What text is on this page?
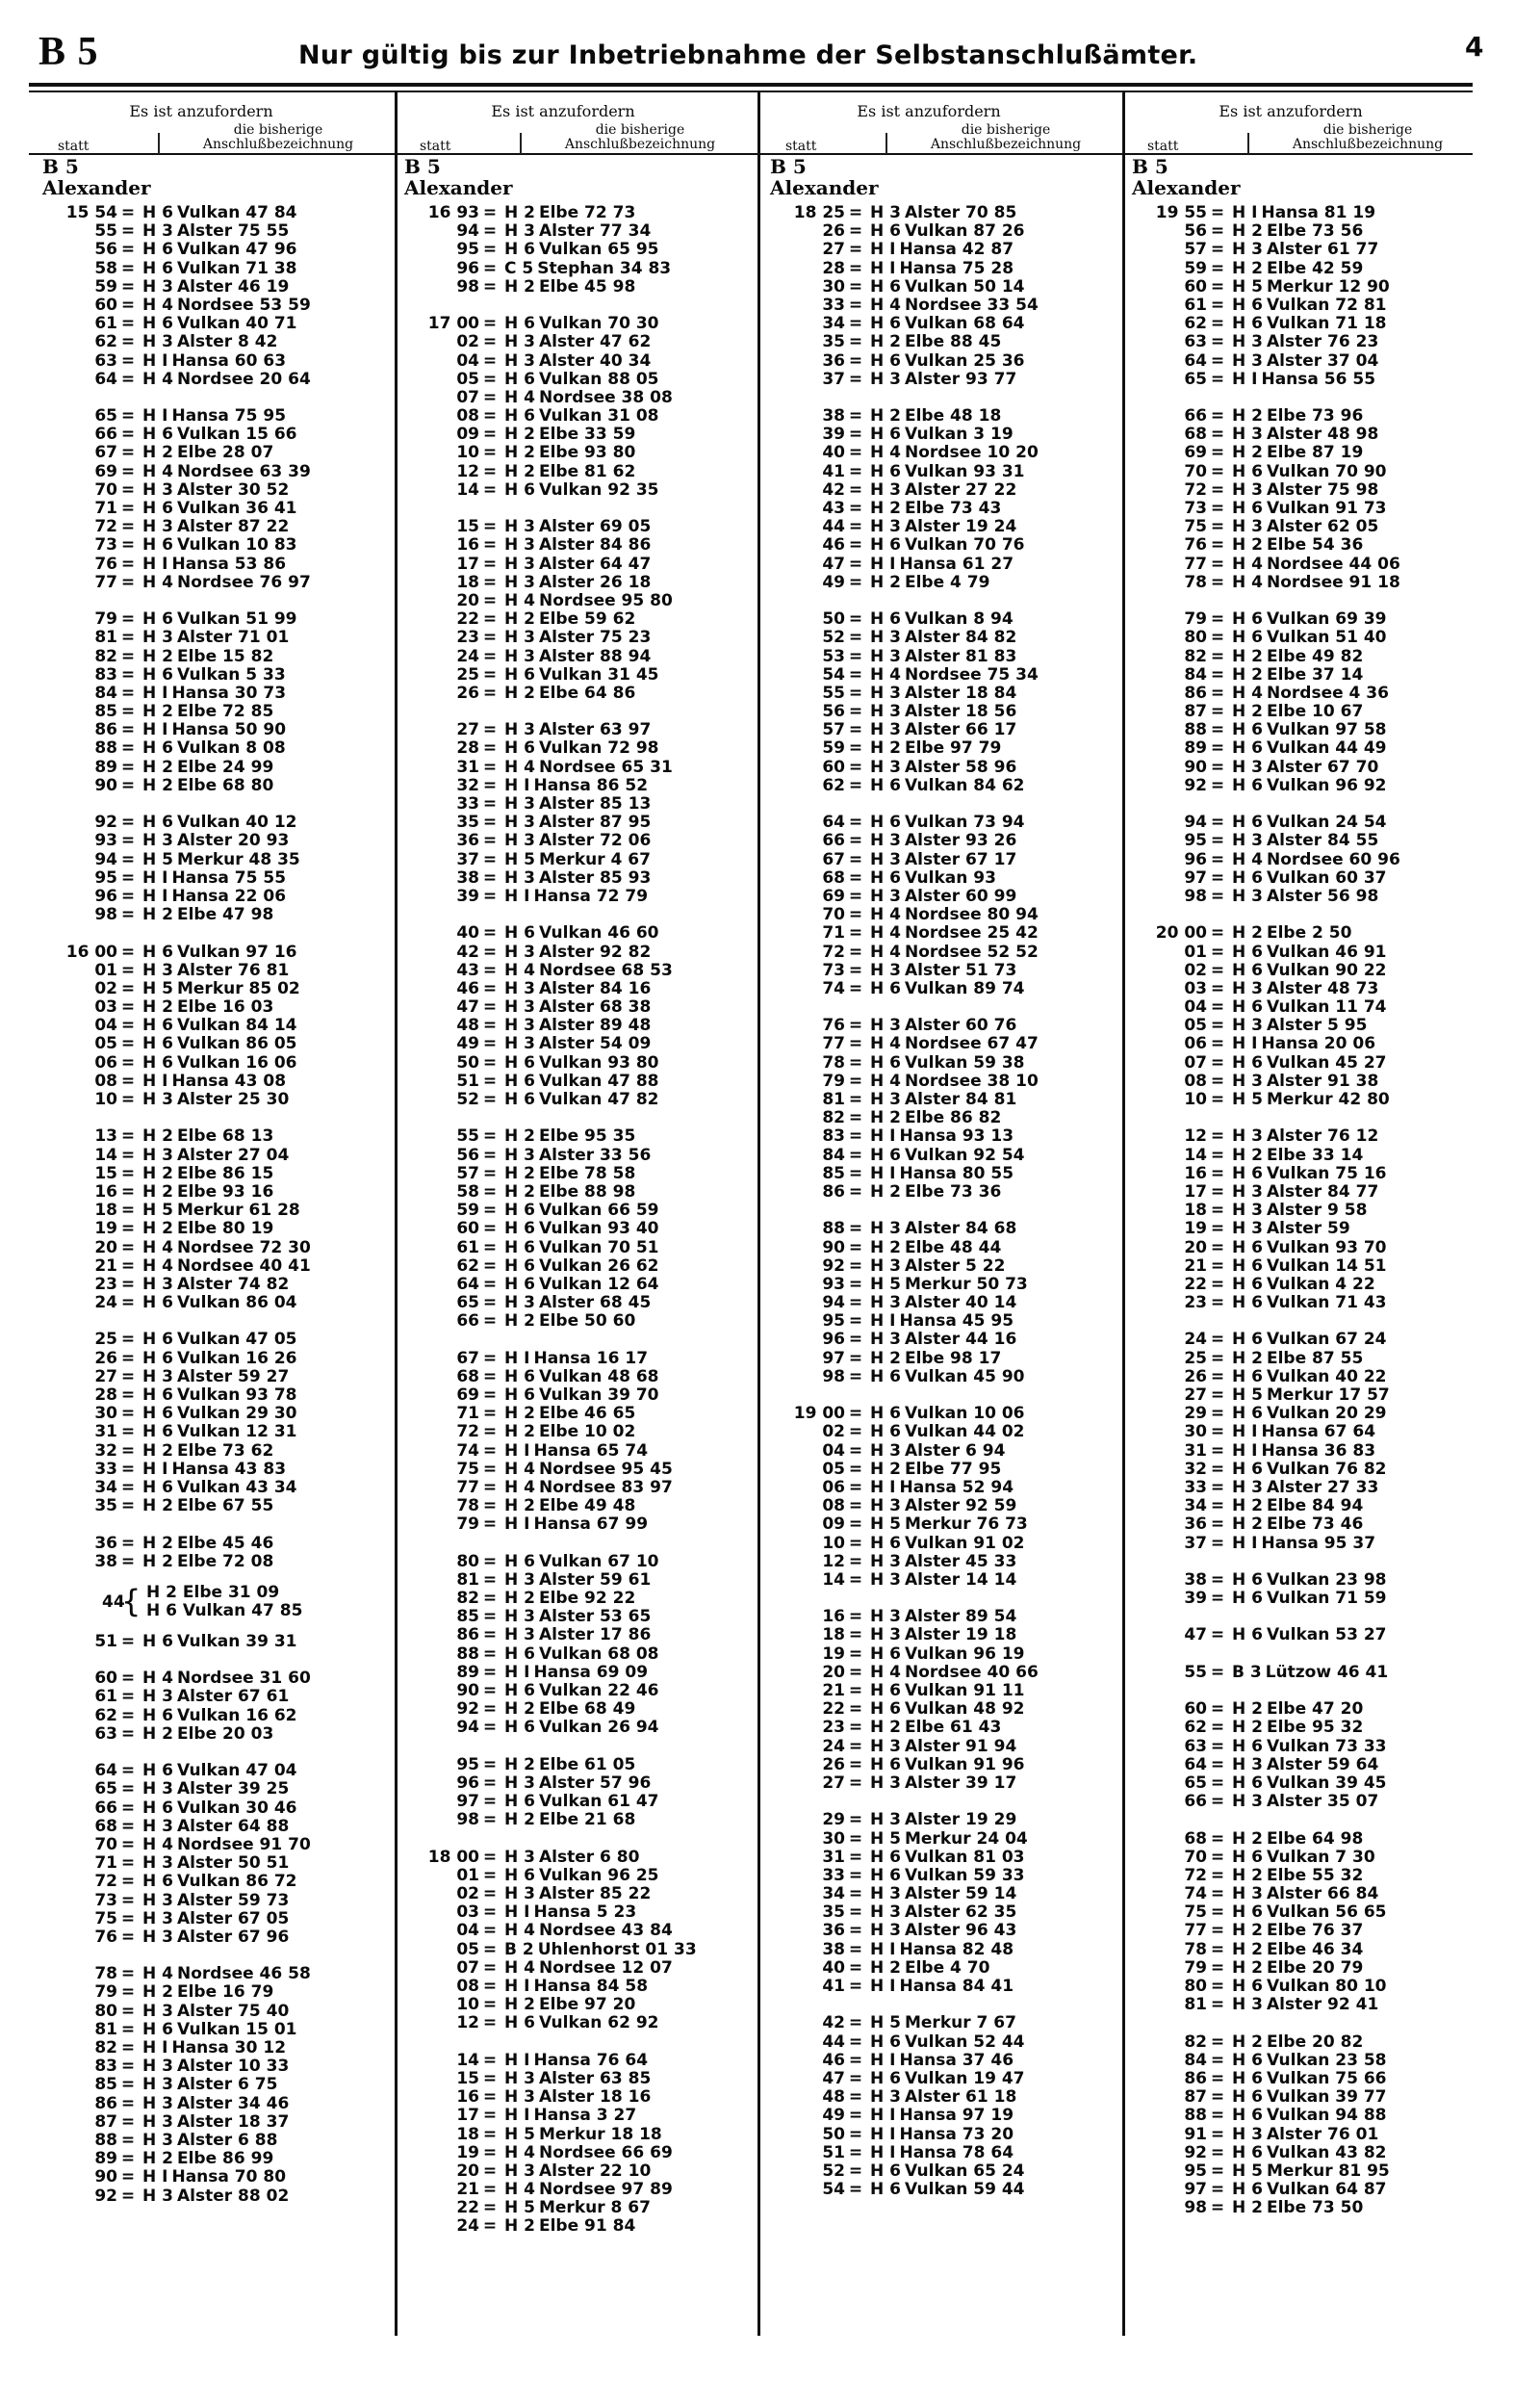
B 5	Nur gültig bis zur Inbetriebnahme der Selbstanschlußämter.	4
Es ist anzufordern
statt
die bisherige
Anschlußbezeichnung
B 5
Alexander
15 54 = H 6 Vulkan 47 84
55 = H 3 Alster 75 55
56 = H 6 Vulkan 47 96
58 = H 6 Vulkan 71 38
59 = H 3 Alster 46 19
60 = H 4 Nordsee 53 59
61 = H 6 Vulkan 40 71
62 = H 3 Alster 8 42
63 = H I Hansa 60 63
64 = H 4 Nordsee 20 64
65 = H I Hansa 75 95
66 = H 6 Vulkan 15 66
67 = H 2 Elbe 28 07
69 = H 4 Nordsee 63 39
70 = H 3 Alster 30 52
71 = H 6 Vulkan 36 41
72 = H 3 Alster 87 22
73 = H 6 Vulkan 10 83
76 = H I Hansa 53 86
77 = H 4 Nordsee 76 97
79 = H 6 Vulkan 51 99
81 = H 3 Alster 71 01
82 = H 2 Elbe 15 82
83 = H 6 Vulkan 5 33
84 = H I Hansa 30 73
85 = H 2 Elbe 72 85
86 = H I Hansa 50 90
88 = H 6 Vulkan 8 08
89 = H 2 Elbe 24 99
90 = H 2 Elbe 68 80
92 = H 6 Vulkan 40 12
93 = H 3 Alster 20 93
94 = H 5 Merkur 48 35
95 = H I Hansa 75 55
96 = H I Hansa 22 06
98 = H 2 Elbe 47 98
16 00 = H 6 Vulkan 97 16
01 = H 3 Alster 76 81
02 = H 5 Merkur 85 02
03 = H 2 Elbe 16 03
04 = H 6 Vulkan 84 14
05 = H 6 Vulkan 86 05
06 = H 6 Vulkan 16 06
08 = H I Hansa 43 08
10 = H 3 Alster 25 30
13 = H 2 Elbe 68 13
14 = H 3 Alster 27 04
15 = H 2 Elbe 86 15
16 = H 2 Elbe 93 16
18 = H 5 Merkur 61 28
19 = H 2 Elbe 80 19
20 = H 4 Nordsee 72 30
21 = H 4 Nordsee 40 41
23 = H 3 Alster 74 82
24 = H 6 Vulkan 86 04
25 = H 6 Vulkan 47 05
26 = H 6 Vulkan 16 26
27 = H 3 Alster 59 27
28 = H 6 Vulkan 93 78
30 = H 6 Vulkan 29 30
31 = H 6 Vulkan 12 31
32 = H 2 Elbe 73 62
33 = H I Hansa 43 83
34 = H 6 Vulkan 43 34
35 = H 2 Elbe 67 55
36 = H 2 Elbe 45 46
38 = H 2 Elbe 72 08
44
{ H 2 Elbe 31 09
H 6 Vulkan 47 85
51 = H 6 Vulkan 39 31
60 = H 4 Nordsee 31 60
61 = H 3 Alster 67 61
62 = H 6 Vulkan 16 62
63 = H 2 Elbe 20 03
64 = H 6 Vulkan 47 04
65 = H 3 Alster 39 25
66 = H 6 Vulkan 30 46
68 = H 3 Alster 64 88
70 = H 4 Nordsee 91 70
71 = H 3 Alster 50 51
72 = H 6 Vulkan 86 72
73 = H 3 Alster 59 73
75 = H 3 Alster 67 05
76 = H 3 Alster 67 96
78 = H 4 Nordsee 46 58
79 = H 2 Elbe 16 79
80 = H 3 Alster 75 40
81 = H 6 Vulkan 15 01
82 = H I Hansa 30 12
83 = H 3 Alster 10 33
85 = H 3 Alster 6 75
86 = H 3 Alster 34 46
87 = H 3 Alster 18 37
88 = H 3 Alster 6 88
89 = H 2 Elbe 86 99
90 = H I Hansa 70 80
92 = H 3 Alster 88 02
Es ist anzufordern
statt
die bisherige
Anschlußbezeichnung
B 5
Alexander
16 93 = H 2 Elbe 72 73
94 = H 3 Alster 77 34
95 = H 6 Vulkan 65 95
96 = C 5 Stephan 34 83
98 = H 2 Elbe 45 98
17 00 = H 6 Vulkan 70 30
02 = H 3 Alster 47 62
04 = H 3 Alster 40 34
05 = H 6 Vulkan 88 05
07 = H 4 Nordsee 38 08
08 = H 6 Vulkan 31 08
09 = H 2 Elbe 33 59
10 = H 2 Elbe 93 80
12 = H 2 Elbe 81 62
14 = H 6 Vulkan 92 35
15 = H 3 Alster 69 05
16 = H 3 Alster 84 86
17 = H 3 Alster 64 47
18 = H 3 Alster 26 18
20 = H 4 Nordsee 95 80
22 = H 2 Elbe 59 62
23 = H 3 Alster 75 23
24 = H 3 Alster 88 94
25 = H 6 Vulkan 31 45
26 = H 2 Elbe 64 86
27 = H 3 Alster 63 97
28 = H 6 Vulkan 72 98
31 = H 4 Nordsee 65 31
32 = H I Hansa 86 52
33 = H 3 Alster 85 13
35 = H 3 Alster 87 95
36 = H 3 Alster 72 06
37 = H 5 Merkur 4 67
38 = H 3 Alster 85 93
39 = H I Hansa 72 79
40 = H 6 Vulkan 46 60
42 = H 3 Alster 92 82
43 = H 4 Nordsee 68 53
46 = H 3 Alster 84 16
47 = H 3 Alster 68 38
48 = H 3 Alster 89 48
49 = H 3 Alster 54 09
50 = H 6 Vulkan 93 80
51 = H 6 Vulkan 47 88
52 = H 6 Vulkan 47 82
55 = H 2 Elbe 95 35
56 = H 3 Alster 33 56
57 = H 2 Elbe 78 58
58 = H 2 Elbe 88 98
59 = H 6 Vulkan 66 59
60 = H 6 Vulkan 93 40
61 = H 6 Vulkan 70 51
62 = H 6 Vulkan 26 62
64 = H 6 Vulkan 12 64
65 = H 3 Alster 68 45
66 = H 2 Elbe 50 60
67 = H I Hansa 16 17
68 = H 6 Vulkan 48 68
69 = H 6 Vulkan 39 70
71 = H 2 Elbe 46 65
72 = H 2 Elbe 10 02
74 = H I Hansa 65 74
75 = H 4 Nordsee 95 45
77 = H 4 Nordsee 83 97
78 = H 2 Elbe 49 48
79 = H I Hansa 67 99
80 = H 6 Vulkan 67 10
81 = H 3 Alster 59 61
82 = H 2 Elbe 92 22
85 = H 3 Alster 53 65
86 = H 3 Alster 17 86
88 = H 6 Vulkan 68 08
89 = H I Hansa 69 09
90 = H 6 Vulkan 22 46
92 = H 2 Elbe 68 49
94 = H 6 Vulkan 26 94
95 = H 2 Elbe 61 05
96 = H 3 Alster 57 96
97 = H 6 Vulkan 61 47
98 = H 2 Elbe 21 68
18 00 = H 3 Alster 6 80
01 = H 6 Vulkan 96 25
02 = H 3 Alster 85 22
03 = H I Hansa 5 23
04 = H 4 Nordsee 43 84
05 = B 2 Uhlenhorst 01 33
07 = H 4 Nordsee 12 07
08 = H I Hansa 84 58
10 = H 2 Elbe 97 20
12 = H 6 Vulkan 62 92
14 = H I Hansa 76 64
15 = H 3 Alster 63 85
16 = H 3 Alster 18 16
17 = H I Hansa 3 27
18 = H 5 Merkur 18 18
19 = H 4 Nordsee 66 69
20 = H 3 Alster 22 10
21 = H 4 Nordsee 97 89
22 = H 5 Merkur 8 67
24 = H 2 Elbe 91 84
Es ist anzufordern
statt
die bisherige
Anschlußbezeichnung
B 5
Alexander
18 25 = H 3 Alster 70 85
26 = H 6 Vulkan 87 26
27 = H I Hansa 42 87
28 = H I Hansa 75 28
30 = H 6 Vulkan 50 14
33 = H 4 Nordsee 33 54
34 = H 6 Vulkan 68 64
35 = H 2 Elbe 88 45
36 = H 6 Vulkan 25 36
37 = H 3 Alster 93 77
38 = H 2 Elbe 48 18
39 = H 6 Vulkan 3 19
40 = H 4 Nordsee 10 20
41 = H 6 Vulkan 93 31
42 = H 3 Alster 27 22
43 = H 2 Elbe 73 43
44 = H 3 Alster 19 24
46 = H 6 Vulkan 70 76
47 = H I Hansa 61 27
49 = H 2 Elbe 4 79
50 = H 6 Vulkan 8 94
52 = H 3 Alster 84 82
53 = H 3 Alster 81 83
54 = H 4 Nordsee 75 34
55 = H 3 Alster 18 84
56 = H 3 Alster 18 56
57 = H 3 Alster 66 17
59 = H 2 Elbe 97 79
60 = H 3 Alster 58 96
62 = H 6 Vulkan 84 62
64 = H 6 Vulkan 73 94
66 = H 3 Alster 93 26
67 = H 3 Alster 67 17
68 = H 6 Vulkan 93
69 = H 3 Alster 60 99
70 = H 4 Nordsee 80 94
71 = H 4 Nordsee 25 42
72 = H 4 Nordsee 52 52
73 = H 3 Alster 51 73
74 = H 6 Vulkan 89 74
76 = H 3 Alster 60 76
77 = H 4 Nordsee 67 47
78 = H 6 Vulkan 59 38
79 = H 4 Nordsee 38 10
81 = H 3 Alster 84 81
82 = H 2 Elbe 86 82
83 = H I Hansa 93 13
84 = H 6 Vulkan 92 54
85 = H I Hansa 80 55
86 = H 2 Elbe 73 36
88 = H 3 Alster 84 68
90 = H 2 Elbe 48 44
92 = H 3 Alster 5 22
93 = H 5 Merkur 50 73
94 = H 3 Alster 40 14
95 = H I Hansa 45 95
96 = H 3 Alster 44 16
97 = H 2 Elbe 98 17
98 = H 6 Vulkan 45 90
19 00 = H 6 Vulkan 10 06
02 = H 6 Vulkan 44 02
04 = H 3 Alster 6 94
05 = H 2 Elbe 77 95
06 = H I Hansa 52 94
08 = H 3 Alster 92 59
09 = H 5 Merkur 76 73
10 = H 6 Vulkan 91 02
12 = H 3 Alster 45 33
14 = H 3 Alster 14 14
16 = H 3 Alster 89 54
18 = H 3 Alster 19 18
19 = H 6 Vulkan 96 19
20 = H 4 Nordsee 40 66
21 = H 6 Vulkan 91 11
22 = H 6 Vulkan 48 92
23 = H 2 Elbe 61 43
24 = H 3 Alster 91 94
26 = H 6 Vulkan 91 96
27 = H 3 Alster 39 17
29 = H 3 Alster 19 29
30 = H 5 Merkur 24 04
31 = H 6 Vulkan 81 03
33 = H 6 Vulkan 59 33
34 = H 3 Alster 59 14
35 = H 3 Alster 62 35
36 = H 3 Alster 96 43
38 = H I Hansa 82 48
40 = H 2 Elbe 4 70
41 = H I Hansa 84 41
42 = H 5 Merkur 7 67
44 = H 6 Vulkan 52 44
46 = H I Hansa 37 46
47 = H 6 Vulkan 19 47
48 = H 3 Alster 61 18
49 = H I Hansa 97 19
50 = H I Hansa 73 20
51 = H I Hansa 78 64
52 = H 6 Vulkan 65 24
54 = H 6 Vulkan 59 44
Es ist anzufordern
statt
die bisherige
Anschlußbezeichnung
B 5
Alexander
19 55 = H I Hansa 81 19
56 = H 2 Elbe 73 56
57 = H 3 Alster 61 77
59 = H 2 Elbe 42 59
60 = H 5 Merkur 12 90
61 = H 6 Vulkan 72 81
62 = H 6 Vulkan 71 18
63 = H 3 Alster 76 23
64 = H 3 Alster 37 04
65 = H I Hansa 56 55
66 = H 2 Elbe 73 96
68 = H 3 Alster 48 98
69 = H 2 Elbe 87 19
70 = H 6 Vulkan 70 90
72 = H 3 Alster 75 98
73 = H 6 Vulkan 91 73
75 = H 3 Alster 62 05
76 = H 2 Elbe 54 36
77 = H 4 Nordsee 44 06
78 = H 4 Nordsee 91 18
79 = H 6 Vulkan 69 39
80 = H 6 Vulkan 51 40
82 = H 2 Elbe 49 82
84 = H 2 Elbe 37 14
86 = H 4 Nordsee 4 36
87 = H 2 Elbe 10 67
88 = H 6 Vulkan 97 58
89 = H 6 Vulkan 44 49
90 = H 3 Alster 67 70
92 = H 6 Vulkan 96 92
94 = H 6 Vulkan 24 54
95 = H 3 Alster 84 55
96 = H 4 Nordsee 60 96
97 = H 6 Vulkan 60 37
98 = H 3 Alster 56 98
20 00 = H 2 Elbe 2 50
01 = H 6 Vulkan 46 91
02 = H 6 Vulkan 90 22
03 = H 3 Alster 48 73
04 = H 6 Vulkan 11 74
05 = H 3 Alster 5 95
06 = H I Hansa 20 06
07 = H 6 Vulkan 45 27
08 = H 3 Alster 91 38
10 = H 5 Merkur 42 80
12 = H 3 Alster 76 12
14 = H 2 Elbe 33 14
16 = H 6 Vulkan 75 16
17 = H 3 Alster 84 77
18 = H 3 Alster 9 58
19 = H 3 Alster 59
20 = H 6 Vulkan 93 70
21 = H 6 Vulkan 14 51
22 = H 6 Vulkan 4 22
23 = H 6 Vulkan 71 43
24 = H 6 Vulkan 67 24
25 = H 2 Elbe 87 55
26 = H 6 Vulkan 40 22
27 = H 5 Merkur 17 57
29 = H 6 Vulkan 20 29
30 = H I Hansa 67 64
31 = H I Hansa 36 83
32 = H 6 Vulkan 76 82
33 = H 3 Alster 27 33
34 = H 2 Elbe 84 94
36 = H 2 Elbe 73 46
37 = H I Hansa 95 37
38 = H 6 Vulkan 23 98
39 = H 6 Vulkan 71 59
47 = H 6 Vulkan 53 27
55 = B 3 Lützow 46 41
60 = H 2 Elbe 47 20
62 = H 2 Elbe 95 32
63 = H 6 Vulkan 73 33
64 = H 3 Alster 59 64
65 = H 6 Vulkan 39 45
66 = H 3 Alster 35 07
68 = H 2 Elbe 64 98
70 = H 6 Vulkan 7 30
72 = H 2 Elbe 55 32
74 = H 3 Alster 66 84
75 = H 6 Vulkan 56 65
77 = H 2 Elbe 76 37
78 = H 2 Elbe 46 34
79 = H 2 Elbe 20 79
80 = H 6 Vulkan 80 10
81 = H 3 Alster 92 41
82 = H 2 Elbe 20 82
84 = H 6 Vulkan 23 58
86 = H 6 Vulkan 75 66
87 = H 6 Vulkan 39 77
88 = H 6 Vulkan 94 88
91 = H 3 Alster 76 01
92 = H 6 Vulkan 43 82
95 = H 5 Merkur 81 95
97 = H 6 Vulkan 64 87
98 = H 2 Elbe 73 50
